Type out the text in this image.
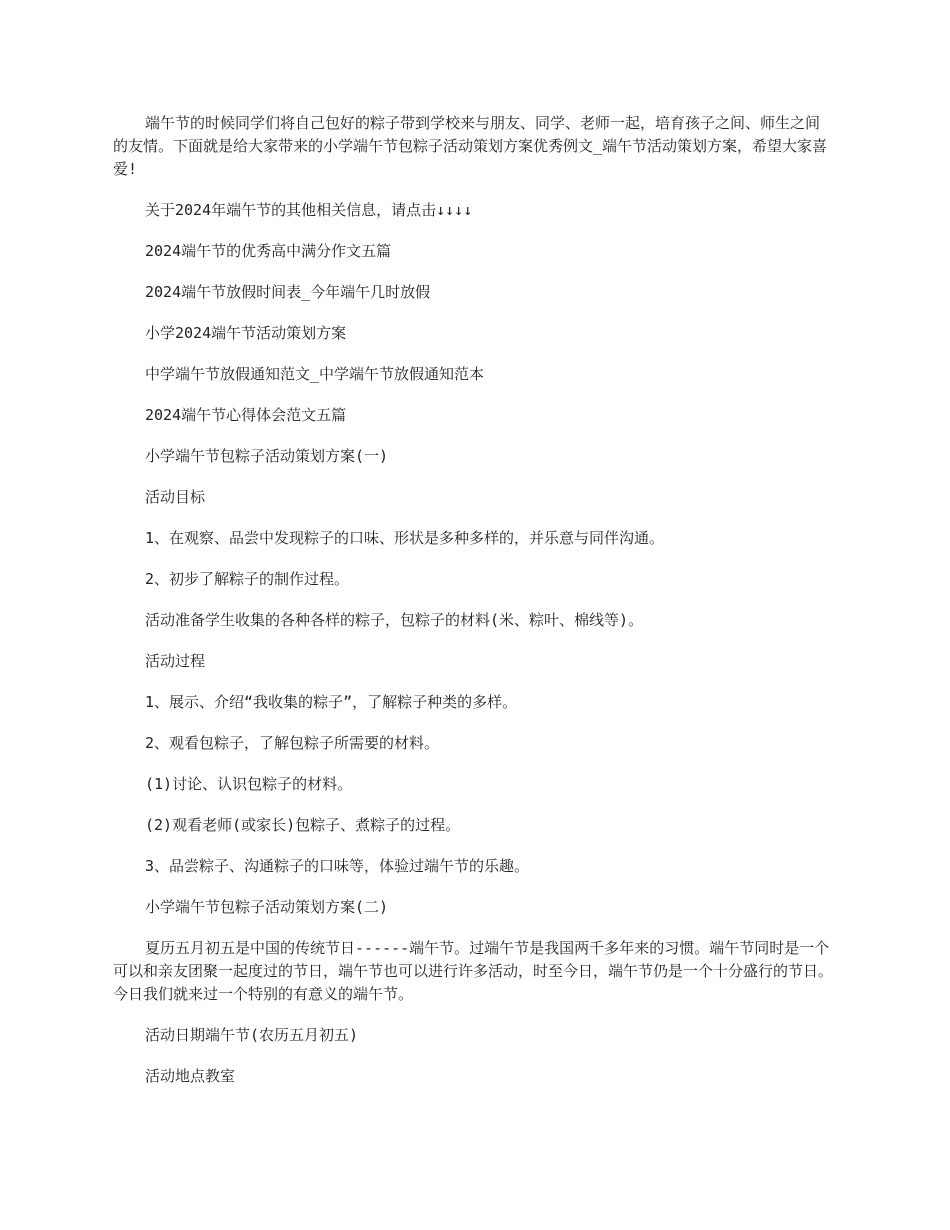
端午节的时候同学们将自己包好的粽子带到学校来与朋友、同学、老师一起，培育孩子之间、师生之间的友情。下面就是给大家带来的小学端午节包粽子活动策划方案优秀例文_端午节活动策划方案，希望大家喜爱!

关于2024年端午节的其他相关信息，请点击↓↓↓↓

2024端午节的优秀高中满分作文五篇

2024端午节放假时间表_今年端午几时放假

小学2024端午节活动策划方案

中学端午节放假通知范文_中学端午节放假通知范本

2024端午节心得体会范文五篇

小学端午节包粽子活动策划方案(一)

活动目标

1、在观察、品尝中发现粽子的口味、形状是多种多样的，并乐意与同伴沟通。

2、初步了解粽子的制作过程。

活动准备学生收集的各种各样的粽子，包粽子的材料(米、粽叶、棉线等)。

活动过程

1、展示、介绍“我收集的粽子”，了解粽子种类的多样。

2、观看包粽子，了解包粽子所需要的材料。

(1)讨论、认识包粽子的材料。

(2)观看老师(或家长)包粽子、煮粽子的过程。

3、品尝粽子、沟通粽子的口味等，体验过端午节的乐趣。

小学端午节包粽子活动策划方案(二)

夏历五月初五是中国的传统节日------端午节。过端午节是我国两千多年来的习惯。端午节同时是一个可以和亲友团聚一起度过的节日，端午节也可以进行许多活动，时至今日，端午节仍是一个十分盛行的节日。今日我们就来过一个特别的有意义的端午节。

活动日期端午节(农历五月初五)

活动地点教室
